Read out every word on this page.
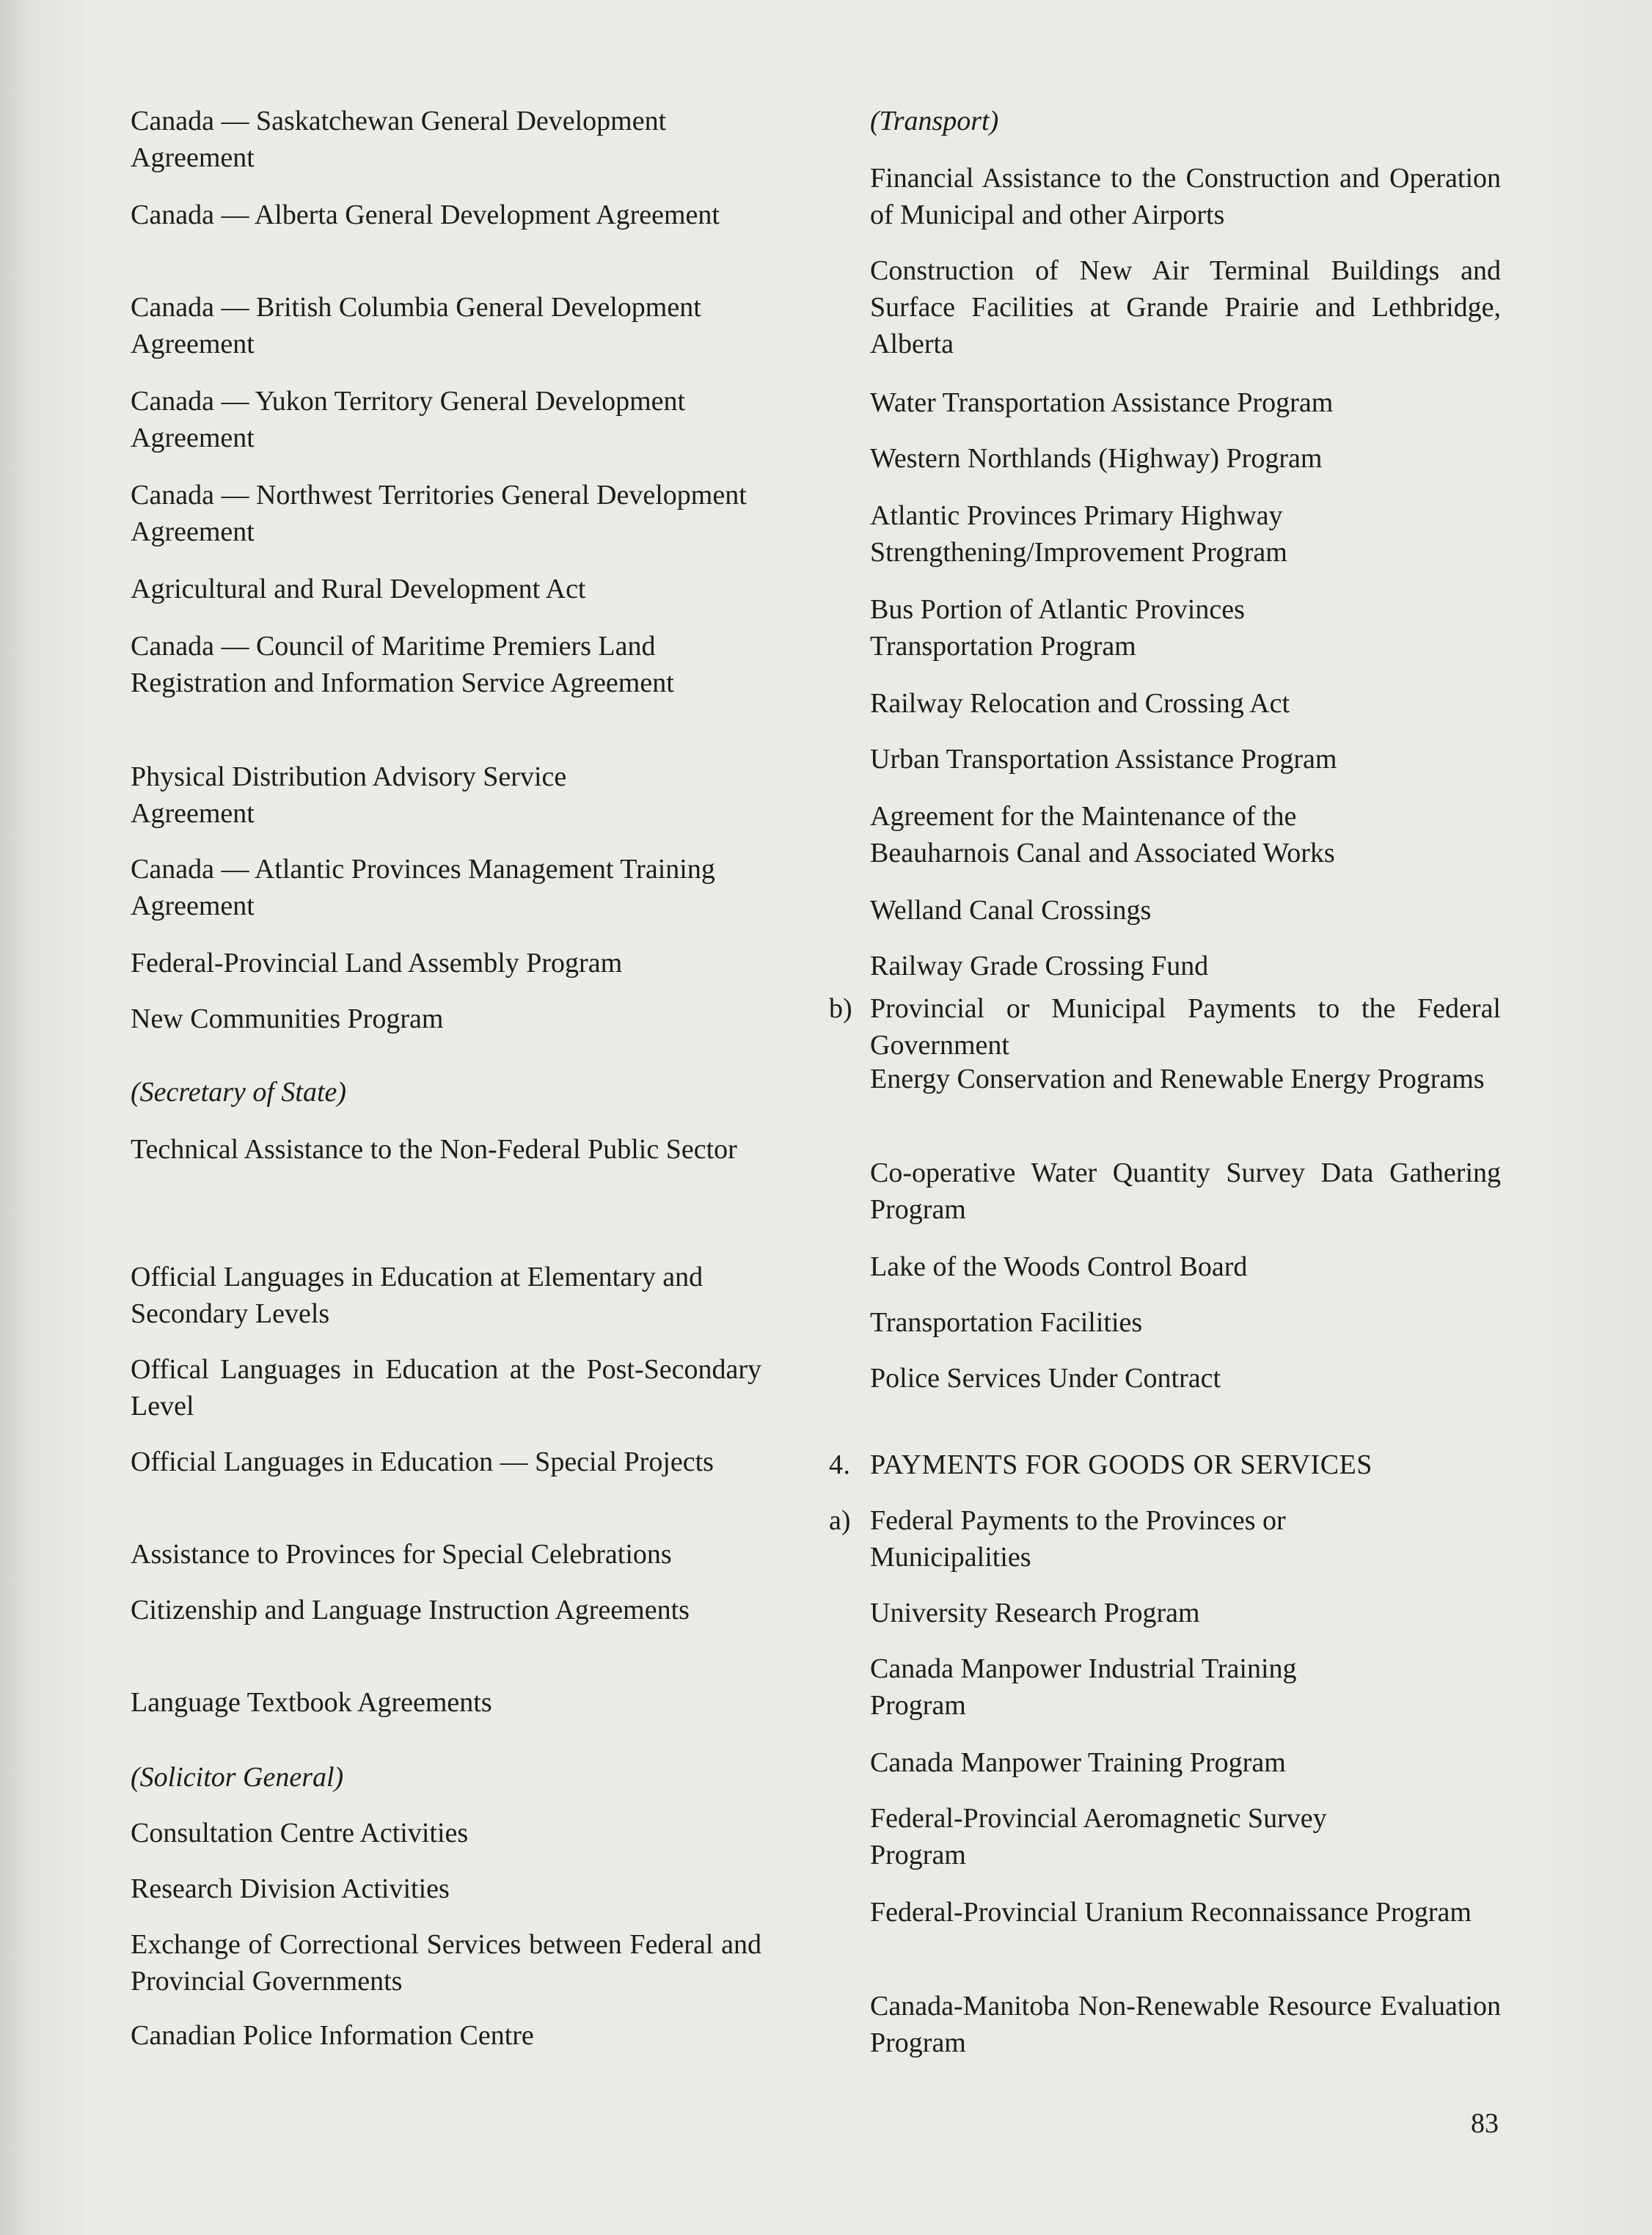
Canada — Saskatchewan General Development Agreement
Canada — Alberta General Development Agreement
Canada — British Columbia General Development Agreement
Canada — Yukon Territory General Development Agreement
Canada — Northwest Territories General Development Agreement
Agricultural and Rural Development Act
Canada — Council of Maritime Premiers Land Registration and Information Service Agreement
Physical Distribution Advisory Service Agreement
Canada — Atlantic Provinces Management Training Agreement
Federal-Provincial Land Assembly Program
New Communities Program
(Secretary of State)
Technical Assistance to the Non-Federal Public Sector
Official Languages in Education at Elementary and Secondary Levels
Offical Languages in Education at the Post-Secondary Level
Official Languages in Education — Special Projects
Assistance to Provinces for Special Celebrations
Citizenship and Language Instruction Agreements
Language Textbook Agreements
(Solicitor General)
Consultation Centre Activities
Research Division Activities
Exchange of Correctional Services between Federal and Provincial Governments
Canadian Police Information Centre
(Transport)
Financial Assistance to the Construction and Operation of Municipal and other Airports
Construction of New Air Terminal Buildings and Surface Facilities at Grande Prairie and Lethbridge, Alberta
Water Transportation Assistance Program
Western Northlands (Highway) Program
Atlantic Provinces Primary Highway Strengthening/Improvement Program
Bus Portion of Atlantic Provinces Transportation Program
Railway Relocation and Crossing Act
Urban Transportation Assistance Program
Agreement for the Maintenance of the Beauharnois Canal and Associated Works
Welland Canal Crossings
Railway Grade Crossing Fund
b) Provincial or Municipal Payments to the Federal Government
Energy Conservation and Renewable Energy Programs
Co-operative Water Quantity Survey Data Gathering Program
Lake of the Woods Control Board
Transportation Facilities
Police Services Under Contract
4. PAYMENTS FOR GOODS OR SERVICES
a) Federal Payments to the Provinces or Municipalities
University Research Program
Canada Manpower Industrial Training Program
Canada Manpower Training Program
Federal-Provincial Aeromagnetic Survey Program
Federal-Provincial Uranium Reconnaissance Program
Canada-Manitoba Non-Renewable Resource Evaluation Program
83
